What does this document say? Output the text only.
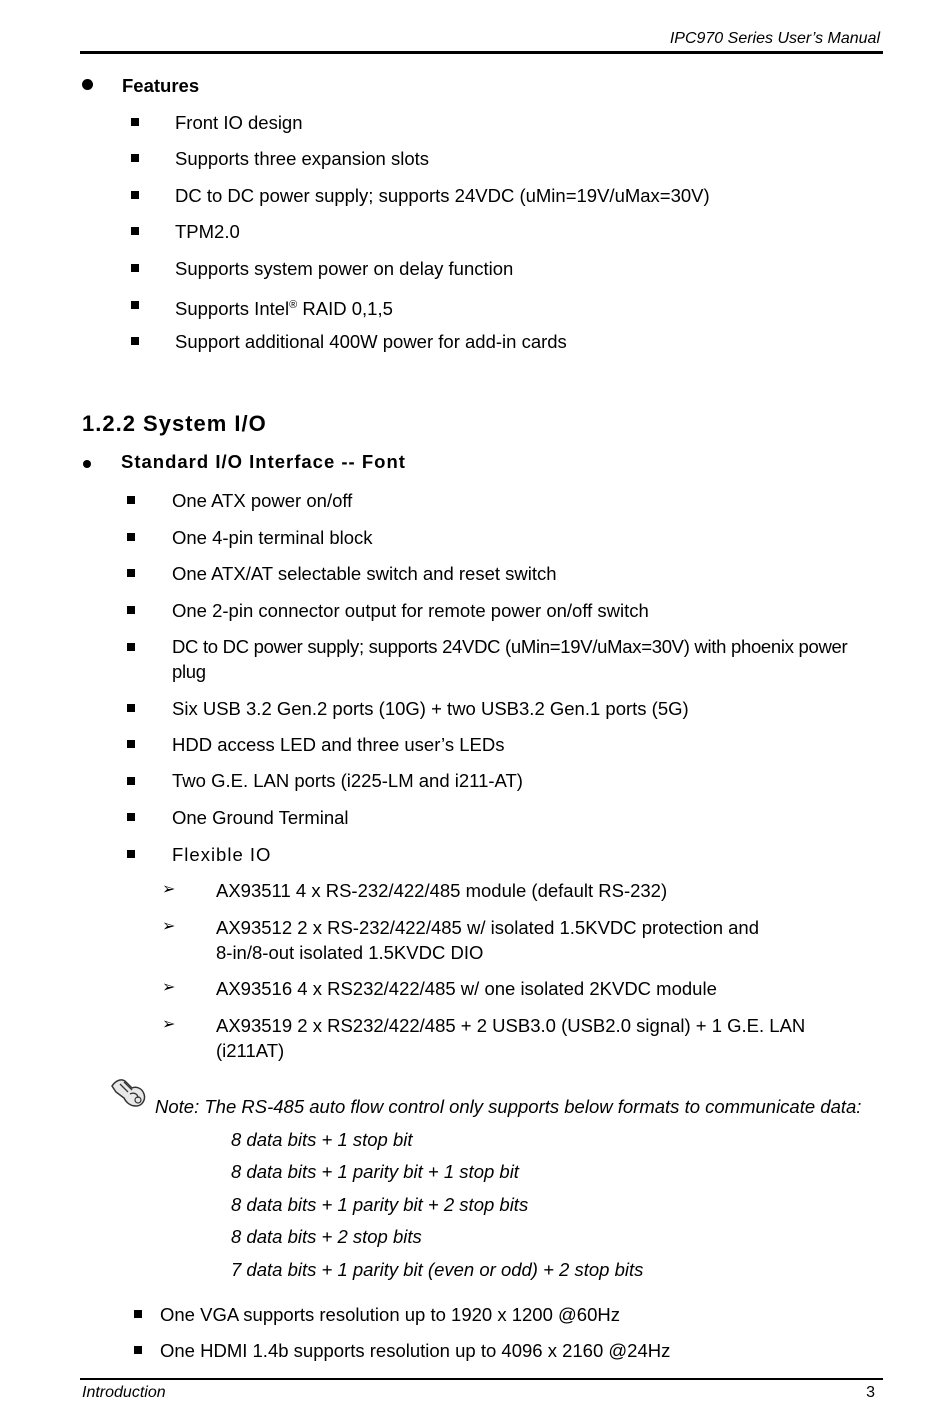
IPC970 Series User’s Manual
Features
Front IO design
Supports three expansion slots
DC to DC power supply; supports 24VDC (uMin=19V/uMax=30V)
TPM2.0
Supports system power on delay function
Supports Intel® RAID 0,1,5
Support additional 400W power for add-in cards
1.2.2 System I/O
Standard I/O Interface -- Font
One ATX power on/off
One 4-pin terminal block
One ATX/AT selectable switch and reset switch
One 2-pin connector output for remote power on/off switch
DC to DC power supply; supports 24VDC (uMin=19V/uMax=30V) with phoenix power plug
Six USB 3.2 Gen.2 ports (10G) + two USB3.2 Gen.1 ports (5G)
HDD access LED and three user’s LEDs
Two G.E. LAN ports (i225-LM and i211-AT)
One Ground Terminal
Flexible IO
➢ AX93511 4 x RS-232/422/485 module (default RS-232)
➢ AX93512 2 x RS-232/422/485 w/ isolated 1.5KVDC protection and
8-in/8-out isolated 1.5KVDC DIO
➢ AX93516 4 x RS232/422/485 w/ one isolated 2KVDC module
➢ AX93519 2 x RS232/422/485 + 2 USB3.0 (USB2.0 signal) + 1 G.E. LAN
(i211AT)
Note: The RS-485 auto flow control only supports below formats to communicate data:
8 data bits + 1 stop bit
8 data bits + 1 parity bit + 1 stop bit
8 data bits + 1 parity bit + 2 stop bits
8 data bits + 2 stop bits
7 data bits + 1 parity bit (even or odd) + 2 stop bits
One VGA supports resolution up to 1920 x 1200 @60Hz
One HDMI 1.4b supports resolution up to 4096 x 2160 @24Hz
Introduction	3
